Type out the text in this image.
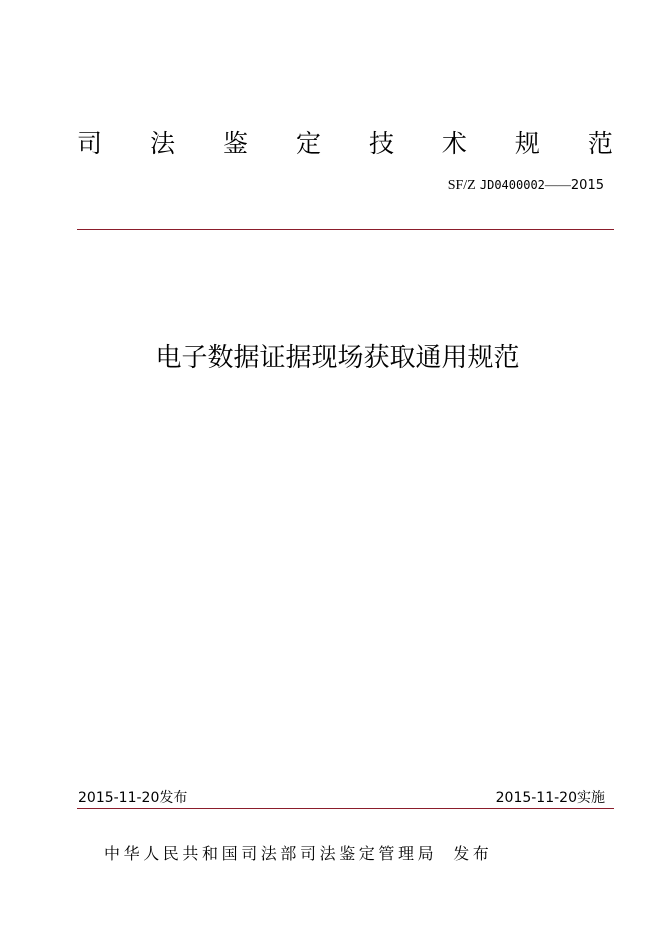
司 法 鉴 定 技 术 规 范
SF/Z JD0400002——2015
电子数据证据现场获取通用规范
2015-11-20发布	2015-11-20实施
中华人民共和国司法部司法鉴定管理局 发布
